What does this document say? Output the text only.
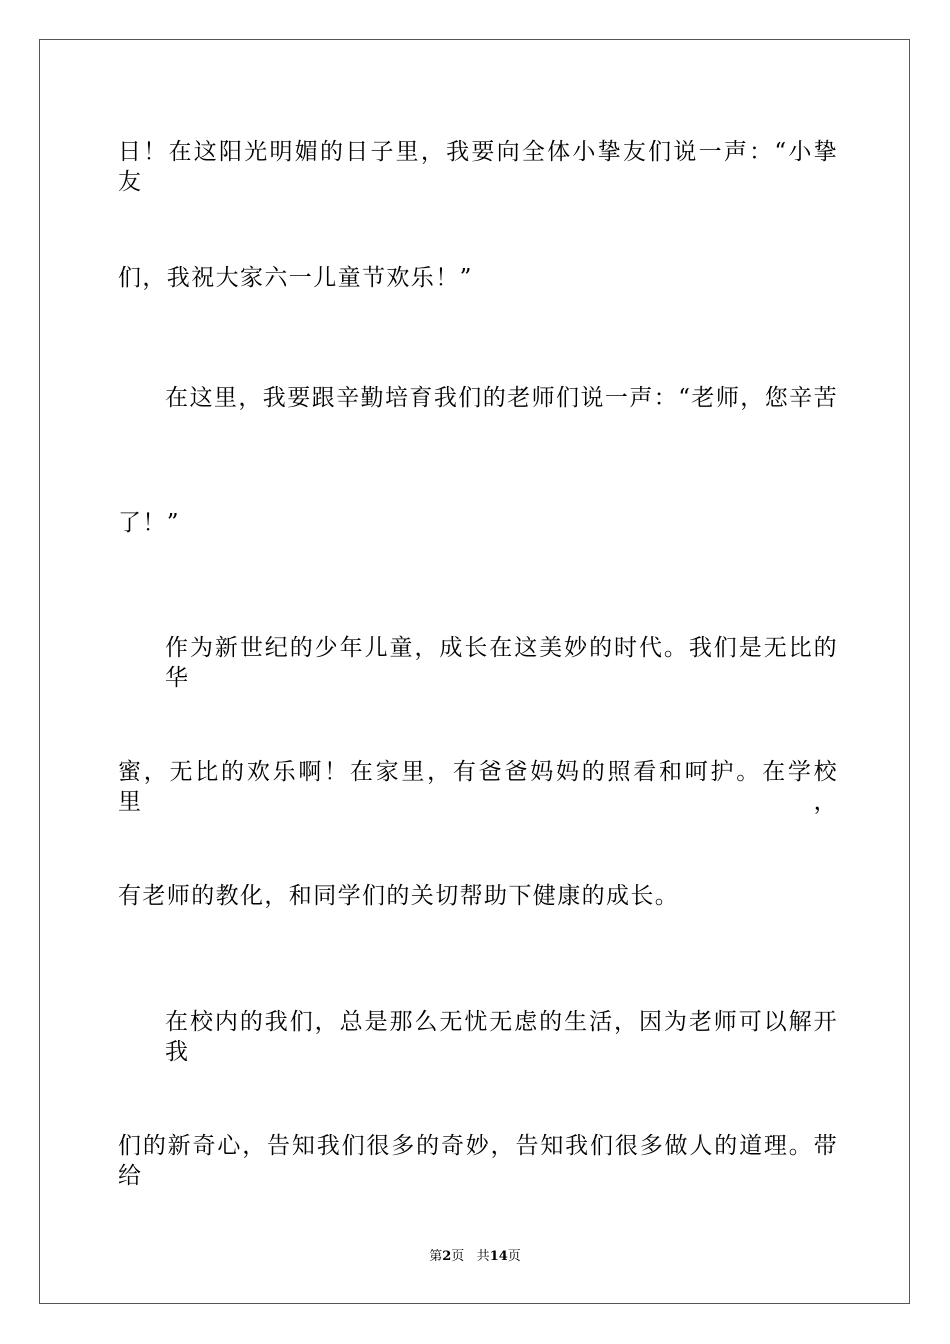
日！在这阳光明媚的日子里，我要向全体小挚友们说一声：“小挚友
们，我祝大家六一儿童节欢乐！”
在这里，我要跟辛勤培育我们的老师们说一声：“老师，您辛苦
了！”
作为新世纪的少年儿童，成长在这美妙的时代。我们是无比的华
蜜，无比的欢乐啊！在家里，有爸爸妈妈的照看和呵护。在学校里，
有老师的教化，和同学们的关切帮助下健康的成长。
在校内的我们，总是那么无忧无虑的生活，因为老师可以解开我
们的新奇心，告知我们很多的奇妙，告知我们很多做人的道理。带给
第2页 共14页
